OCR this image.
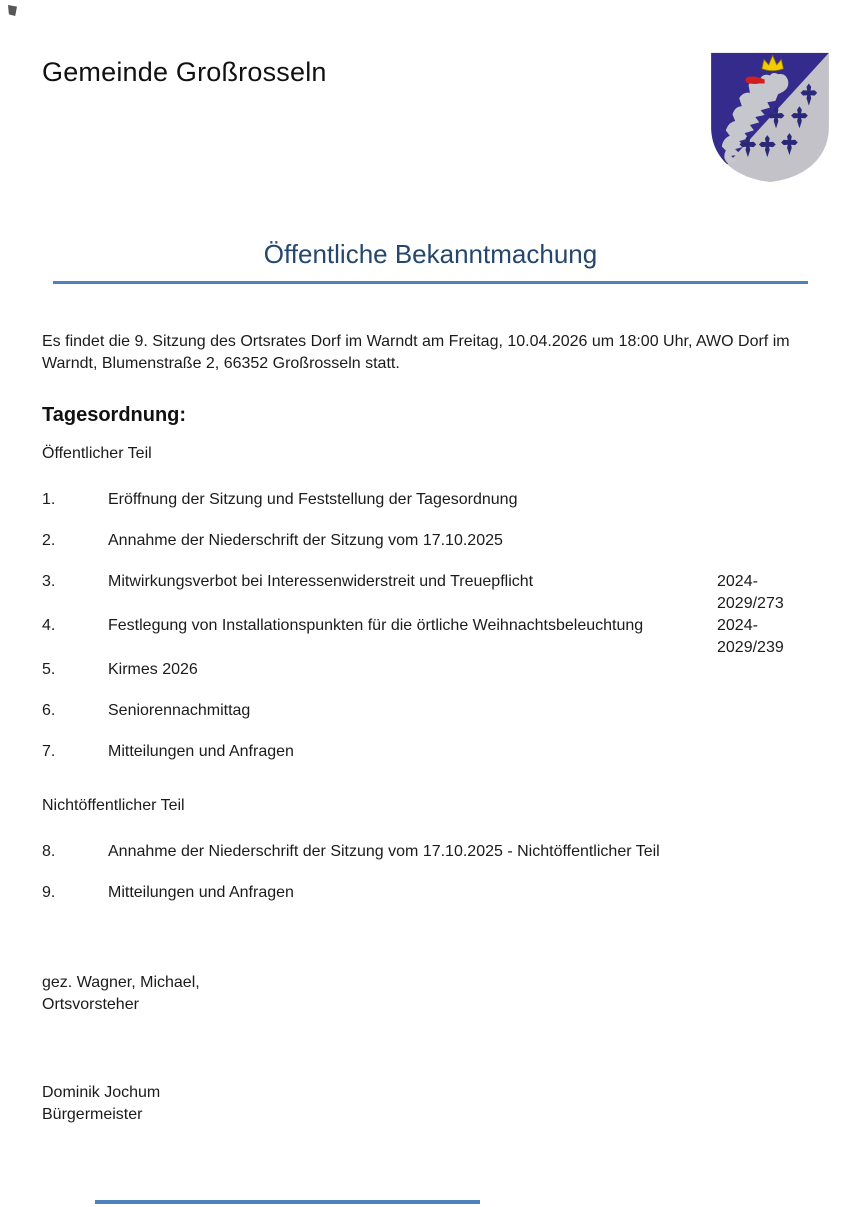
Gemeinde Großrosseln
Öffentliche Bekanntmachung
Es findet die 9. Sitzung des Ortsrates Dorf im Warndt am Freitag, 10.04.2026 um 18:00 Uhr, AWO Dorf im Warndt, Blumenstraße 2, 66352 Großrosseln statt.
Tagesordnung:
Öffentlicher Teil
1.	Eröffnung der Sitzung und Feststellung der Tagesordnung
2.	Annahme der Niederschrift der Sitzung vom 17.10.2025
3.	Mitwirkungsverbot bei Interessenwiderstreit und Treuepflicht	2024-
2029/273
4.	Festlegung von Installationspunkten für die örtliche Weihnachtsbeleuchtung	2024-
2029/239
5.	Kirmes 2026
6.	Seniorennachmittag
7.	Mitteilungen und Anfragen
Nichtöffentlicher Teil
8.	Annahme der Niederschrift der Sitzung vom 17.10.2025 - Nichtöffentlicher Teil
9.	Mitteilungen und Anfragen
gez. Wagner, Michael,
Ortsvorsteher
Dominik Jochum
Bürgermeister
